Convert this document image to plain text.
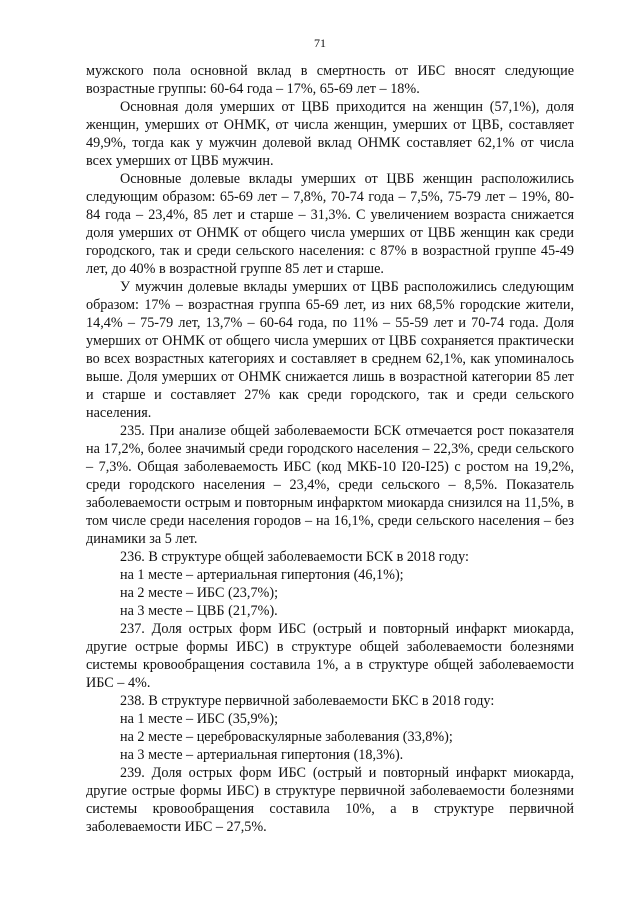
71

мужского пола основной вклад в смертность от ИБС вносят следующие возрастные группы: 60-64 года – 17%, 65-69 лет – 18%.

Основная доля умерших от ЦВБ приходится на женщин (57,1%), доля женщин, умерших от ОНМК, от числа женщин, умерших от ЦВБ, составляет 49,9%, тогда как у мужчин долевой вклад ОНМК составляет 62,1% от числа всех умерших от ЦВБ мужчин.

Основные долевые вклады умерших от ЦВБ женщин расположились следующим образом: 65-69 лет – 7,8%, 70-74 года – 7,5%, 75-79 лет – 19%, 80-84 года – 23,4%, 85 лет и старше – 31,3%. С увеличением возраста снижается доля умерших от ОНМК от общего числа умерших от ЦВБ женщин как среди городского, так и среди сельского населения: с 87% в возрастной группе 45-49 лет, до 40% в возрастной группе 85 лет и старше.

У мужчин долевые вклады умерших от ЦВБ расположились следующим образом: 17% – возрастная группа 65-69 лет, из них 68,5% городские жители, 14,4% – 75-79 лет, 13,7% – 60-64 года, по 11% – 55-59 лет и 70-74 года. Доля умерших от ОНМК от общего числа умерших от ЦВБ сохраняется практически во всех возрастных категориях и составляет в среднем 62,1%, как упоминалось выше. Доля умерших от ОНМК снижается лишь в возрастной категории 85 лет и старше и составляет 27% как среди городского, так и среди сельского населения.

235. При анализе общей заболеваемости БСК отмечается рост показателя на 17,2%, более значимый среди городского населения – 22,3%, среди сельского – 7,3%. Общая заболеваемость ИБС (код МКБ-10 I20-I25) с ростом на 19,2%, среди городского населения – 23,4%, среди сельского – 8,5%. Показатель заболеваемости острым и повторным инфарктом миокарда снизился на 11,5%, в том числе среди населения городов – на 16,1%, среди сельского населения – без динамики за 5 лет.

236. В структуре общей заболеваемости БСК в 2018 году:

на 1 месте – артериальная гипертония (46,1%);

на 2 месте – ИБС (23,7%);

на 3 месте – ЦВБ (21,7%).

237. Доля острых форм ИБС (острый и повторный инфаркт миокарда, другие острые формы ИБС) в структуре общей заболеваемости болезнями системы кровообращения составила 1%, а в структуре общей заболеваемости ИБС – 4%.

238. В структуре первичной заболеваемости БКС в 2018 году:

на 1 месте – ИБС (35,9%);

на 2 месте – цереброваскулярные заболевания (33,8%);

на 3 месте – артериальная гипертония (18,3%).

239. Доля острых форм ИБС (острый и повторный инфаркт миокарда, другие острые формы ИБС) в структуре первичной заболеваемости болезнями системы кровообращения составила 10%, а в структуре первичной заболеваемости ИБС – 27,5%.
